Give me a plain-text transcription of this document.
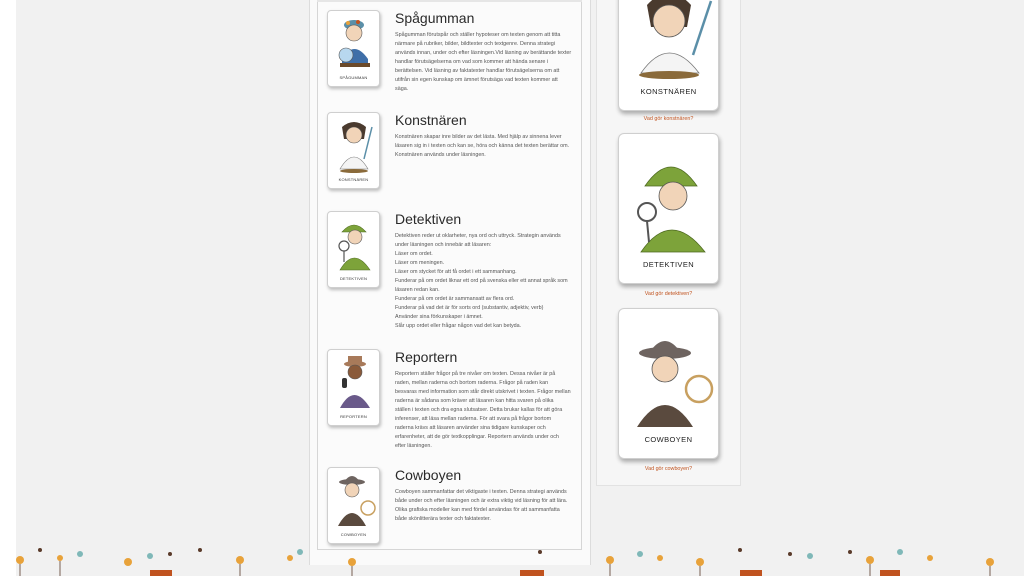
SPÅGUMMAN
Spågumman
Spågumman förutspår och ställer hypoteser om texten genom att titta
närmare på rubriker, bilder, bildtexter och textgenre. Denna strategi
används innan, under och efter läsningen.Vid läsning av berättande texter
handlar förutsägelserna om vad som kommer att hända senare i
berättelsen. Vid läsning av faktatexter handlar förutsägelserna om att
utifrån sin egen kunskap om ämnet förutsäga vad texten kommer att
säga.
KONSTNÄREN
Konstnären
Konstnären skapar inre bilder av det lästa. Med hjälp av sinnena lever
läsaren sig in i texten och kan se, höra och känna det texten berättar om.
Konstnären används under läsningen.
DETEKTIVEN
Detektiven
Detektiven reder ut oklarheter, nya ord och uttryck. Strategin används
under läsningen och innebär att läsaren:
Läser om ordet.
Läser om meningen.
Läser om stycket för att få ordet i ett sammanhang.
Funderar på om ordet liknar ett ord på svenska eller ett annat språk som
läsaren redan kan.
Funderar på om ordet är sammansatt av flera ord.
Funderar på vad det är för sorts ord (substantiv, adjektiv, verb)
Använder sina förkunskaper i ämnet.
Slår upp ordet eller frågar någon vad det kan betyda.
REPORTERN
Reportern
Reportern ställer frågor på tre nivåer om texten. Dessa nivåer är på
raden, mellan raderna och bortom raderna. Frågor på raden kan
besvaras med information som står direkt utskrivet i texten. Frågor mellan
raderna är sådana som kräver att läsaren kan hitta svaren på olika
ställen i texten och dra egna slutsatser. Detta brukar kallas för att göra
inferenser, att läsa mellan raderna. För att svara på frågor bortom
raderna krävs att läsaren använder sina tidigare kunskaper och
erfarenheter, att de gör textkopplingar. Reportern används under och
efter läsningen.
COWBOYEN
Cowboyen
Cowboyen sammanfattar det viktigaste i texten. Denna strategi används
både under och efter läsningen och är extra viktig vid läsning för att lära.
Olika grafiska modeller kan med fördel användas för att sammanfatta
både skönlitterära texter och faktatexter.
KONSTNÄREN
Vad gör konstnären?
DETEKTIVEN
Vad gör detektiven?
COWBOYEN
Vad gör cowboyen?
